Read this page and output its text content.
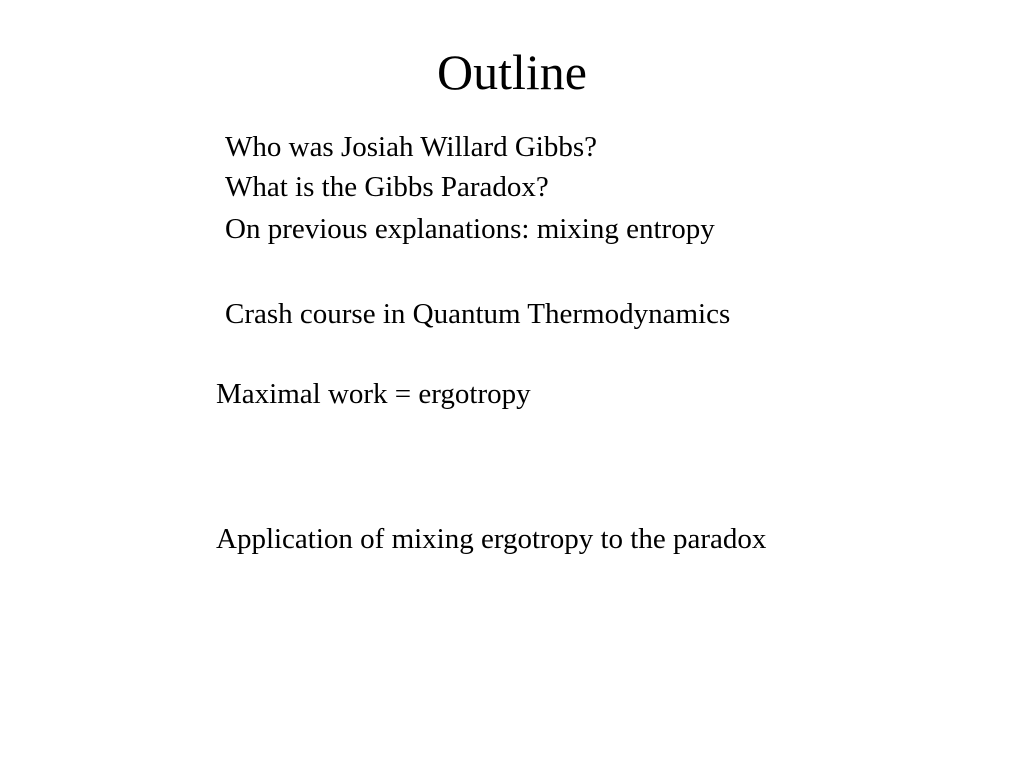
Outline
Who was Josiah Willard Gibbs?
What is the Gibbs Paradox?
On previous explanations: mixing entropy
Crash course in Quantum Thermodynamics
Maximal work = ergotropy
Application of mixing ergotropy to the paradox
